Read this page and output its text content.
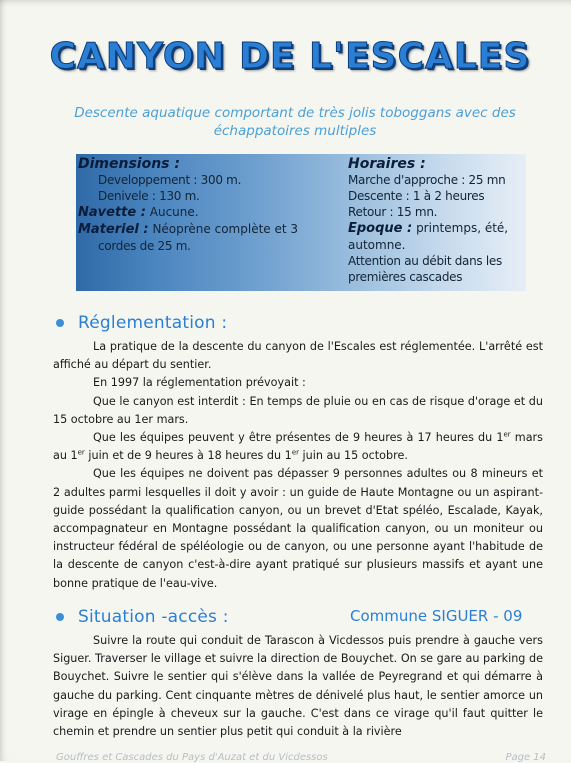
CANYON DE L'ESCALES

Descente aquatique comportant de très jolis toboggans avec des échappatoires multiples

Dimensions :
Developpement : 300 m.
Denivele : 130 m.
Navette : Aucune.
Materiel : Néoprène complète et 3
cordes de 25 m.
Horaires :
Marche d'approche : 25 mn
Descente : 1 à 2 heures
Retour : 15 mn.
Epoque : printemps, été, automne.
Attention au débit dans les
premières cascades
Réglementation :

La pratique de la descente du canyon de l'Escales est réglementée. L'arrêté est affiché au départ du sentier.

En 1997 la réglementation prévoyait :

Que le canyon est interdit : En temps de pluie ou en cas de risque d'orage et du 15 octobre au 1er mars.

Que les équipes peuvent y être présentes de 9 heures à 17 heures du 1er mars au 1er juin et de 9 heures à 18 heures du 1er juin au 15 octobre.

Que les équipes ne doivent pas dépasser 9 personnes adultes ou 8 mineurs et 2 adultes parmi lesquelles il doit y avoir : un guide de Haute Montagne ou un aspirant-guide possédant la qualification canyon, ou un brevet d'Etat spéléo, Escalade, Kayak, accompagnateur en Montagne possédant la qualification canyon, ou un moniteur ou instructeur fédéral de spéléologie ou de canyon, ou une personne ayant l'habitude de la descente de canyon c'est-à-dire ayant pratiqué sur plusieurs massifs et ayant une bonne pratique de l'eau-vive.

Situation -accès :	Commune SIGUER - 09

Suivre la route qui conduit de Tarascon à Vicdessos puis prendre à gauche vers Siguer. Traverser le village et suivre la direction de Bouychet. On se gare au parking de Bouychet. Suivre le sentier qui s'élève dans la vallée de Peyregrand et qui démarre à gauche du parking. Cent cinquante mètres de dénivelé plus haut, le sentier amorce un virage en épingle à cheveux sur la gauche. C'est dans ce virage qu'il faut quitter le chemin et prendre un sentier plus petit qui conduit à la rivière

Gouffres et Cascades du Pays d'Auzat et du Vicdessos	Page 14
